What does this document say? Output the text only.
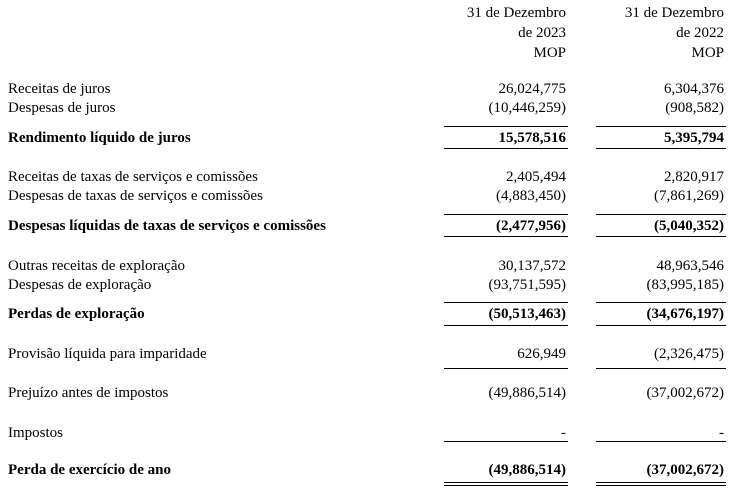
31 de Dezembro
de 2023
MOP
31 de Dezembro
de 2022
MOP
Receitas de juros	26,024,775	6,304,376
Despesas de juros	(10,446,259)	(908,582)
Rendimento líquido de juros	15,578,516	5,395,794
Receitas de taxas de serviços e comissões	2,405,494	2,820,917
Despesas de taxas de serviços e comissões	(4,883,450)	(7,861,269)
Despesas líquidas de taxas de serviços e comissões	(2,477,956)	(5,040,352)
Outras receitas de exploração	30,137,572	48,963,546
Despesas de exploração	(93,751,595)	(83,995,185)
Perdas de exploração	(50,513,463)	(34,676,197)
Provisão líquida para imparidade	626,949	(2,326,475)
Prejuízo antes de impostos	(49,886,514)	(37,002,672)
Impostos	-	-
Perda de exercício de ano	(49,886,514)	(37,002,672)
